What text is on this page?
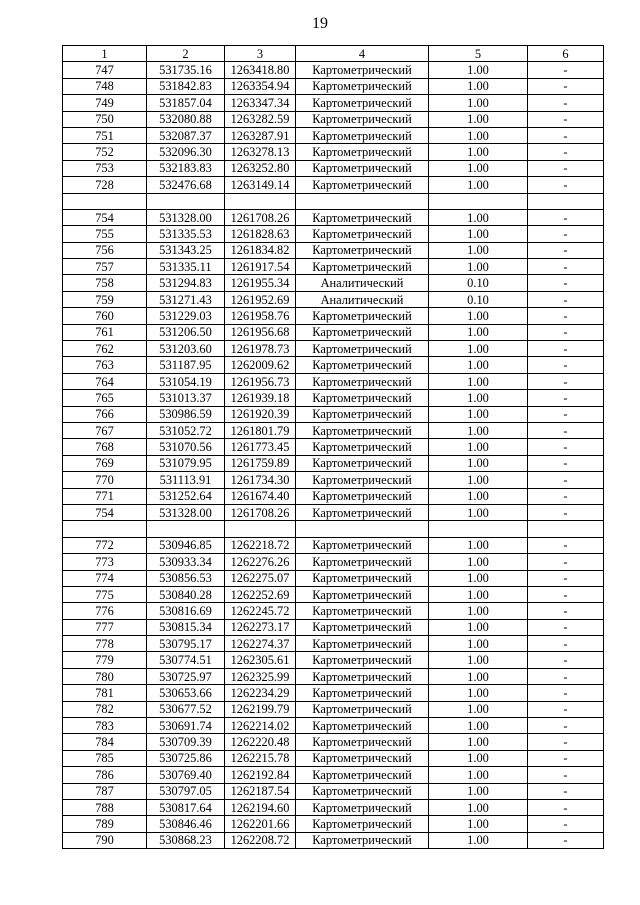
19
1	2	3	4	5	6
747	531735.16	1263418.80	Картометрический	1.00	-
748	531842.83	1263354.94	Картометрический	1.00	-
749	531857.04	1263347.34	Картометрический	1.00	-
750	532080.88	1263282.59	Картометрический	1.00	-
751	532087.37	1263287.91	Картометрический	1.00	-
752	532096.30	1263278.13	Картометрический	1.00	-
753	532183.83	1263252.80	Картометрический	1.00	-
728	532476.68	1263149.14	Картометрический	1.00	-

754	531328.00	1261708.26	Картометрический	1.00	-
755	531335.53	1261828.63	Картометрический	1.00	-
756	531343.25	1261834.82	Картометрический	1.00	-
757	531335.11	1261917.54	Картометрический	1.00	-
758	531294.83	1261955.34	Аналитический	0.10	-
759	531271.43	1261952.69	Аналитический	0.10	-
760	531229.03	1261958.76	Картометрический	1.00	-
761	531206.50	1261956.68	Картометрический	1.00	-
762	531203.60	1261978.73	Картометрический	1.00	-
763	531187.95	1262009.62	Картометрический	1.00	-
764	531054.19	1261956.73	Картометрический	1.00	-
765	531013.37	1261939.18	Картометрический	1.00	-
766	530986.59	1261920.39	Картометрический	1.00	-
767	531052.72	1261801.79	Картометрический	1.00	-
768	531070.56	1261773.45	Картометрический	1.00	-
769	531079.95	1261759.89	Картометрический	1.00	-
770	531113.91	1261734.30	Картометрический	1.00	-
771	531252.64	1261674.40	Картометрический	1.00	-
754	531328.00	1261708.26	Картометрический	1.00	-

772	530946.85	1262218.72	Картометрический	1.00	-
773	530933.34	1262276.26	Картометрический	1.00	-
774	530856.53	1262275.07	Картометрический	1.00	-
775	530840.28	1262252.69	Картометрический	1.00	-
776	530816.69	1262245.72	Картометрический	1.00	-
777	530815.34	1262273.17	Картометрический	1.00	-
778	530795.17	1262274.37	Картометрический	1.00	-
779	530774.51	1262305.61	Картометрический	1.00	-
780	530725.97	1262325.99	Картометрический	1.00	-
781	530653.66	1262234.29	Картометрический	1.00	-
782	530677.52	1262199.79	Картометрический	1.00	-
783	530691.74	1262214.02	Картометрический	1.00	-
784	530709.39	1262220.48	Картометрический	1.00	-
785	530725.86	1262215.78	Картометрический	1.00	-
786	530769.40	1262192.84	Картометрический	1.00	-
787	530797.05	1262187.54	Картометрический	1.00	-
788	530817.64	1262194.60	Картометрический	1.00	-
789	530846.46	1262201.66	Картометрический	1.00	-
790	530868.23	1262208.72	Картометрический	1.00	-
